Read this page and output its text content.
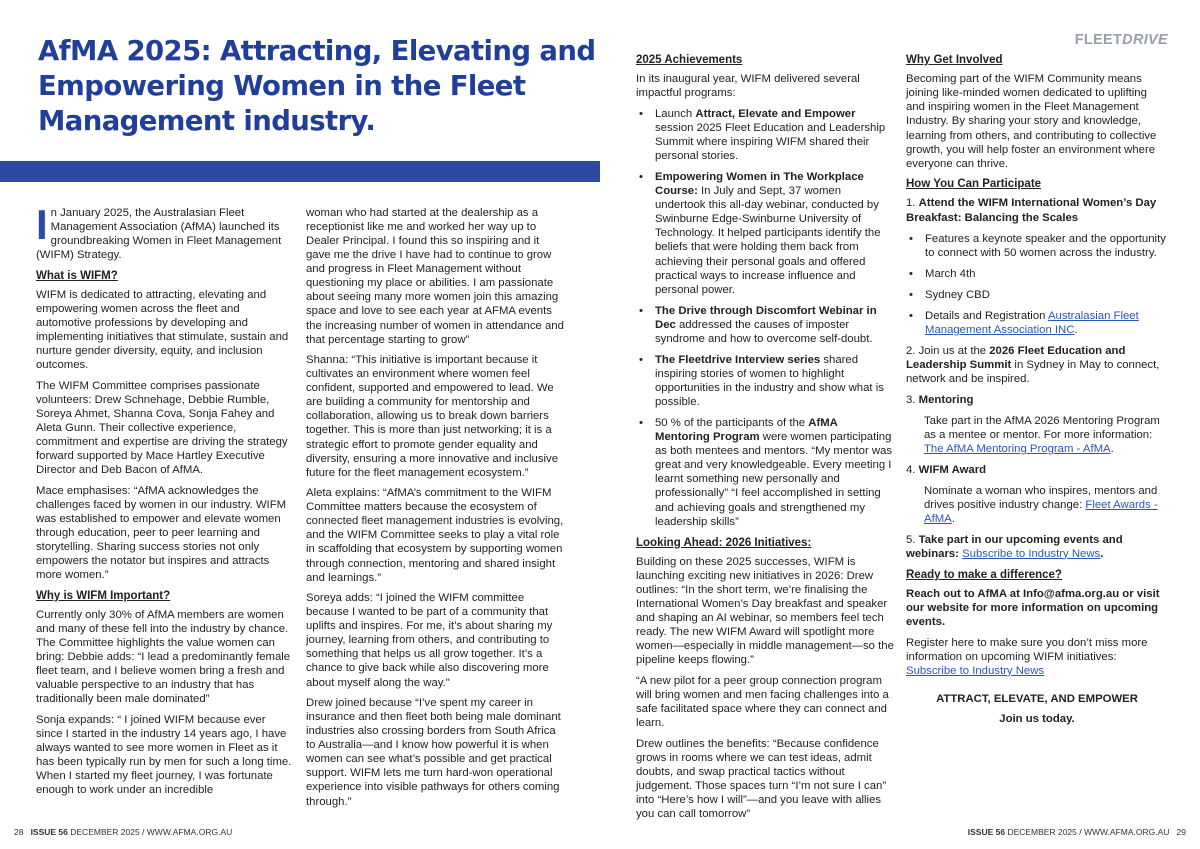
FLEETDRIVE
AfMA 2025: Attracting, Elevating and Empowering Women in the Fleet Management industry.

In January 2025, the Australasian Fleet Management Association (AfMA) launched its groundbreaking Women in Fleet Management (WIFM) Strategy.

What is WIFM?

WIFM is dedicated to attracting, elevating and empowering women across the fleet and automotive professions by developing and implementing initiatives that stimulate, sustain and nurture gender diversity, equity, and inclusion outcomes.

The WIFM Committee comprises passionate volunteers: Drew Schnehage, Debbie Rumble, Soreya Ahmet, Shanna Cova, Sonja Fahey and Aleta Gunn. Their collective experience, commitment and expertise are driving the strategy forward supported by Mace Hartley Executive Director and Deb Bacon of AfMA.

Mace emphasises: “AfMA acknowledges the challenges faced by women in our industry. WIFM was established to empower and elevate women through education, peer to peer learning and storytelling. Sharing success stories not only empowers the notator but inspires and attracts more women.”

Why is WIFM Important?

Currently only 30% of AfMA members are women and many of these fell into the industry by chance. The Committee highlights the value women can bring: Debbie adds: “I lead a predominantly female fleet team, and I believe women bring a fresh and valuable perspective to an industry that has traditionally been male dominated”

Sonja expands: “ I joined WIFM because ever since I started in the industry 14 years ago, I have always wanted to see more women in Fleet as it has been typically run by men for such a long time. When I started my fleet journey, I was fortunate enough to work under an incredible

woman who had started at the dealership as a receptionist like me and worked her way up to Dealer Principal. I found this so inspiring and it gave me the drive I have had to continue to grow and progress in Fleet Management without questioning my place or abilities. I am passionate about seeing many more women join this amazing space and love to see each year at AFMA events the increasing number of women in attendance and that percentage starting to grow”

Shanna: “This initiative is important because it cultivates an environment where women feel confident, supported and empowered to lead. We are building a community for mentorship and collaboration, allowing us to break down barriers together. This is more than just networking; it is a strategic effort to promote gender equality and diversity, ensuring a more innovative and inclusive future for the fleet management ecosystem.”

Aleta explains: “AfMA’s commitment to the WIFM Committee matters because the ecosystem of connected fleet management industries is evolving, and the WIFM Committee seeks to play a vital role in scaffolding that ecosystem by supporting women through connection, mentoring and shared insight and learnings.”

Soreya adds: “I joined the WIFM committee because I wanted to be part of a community that uplifts and inspires. For me, it’s about sharing my journey, learning from others, and contributing to something that helps us all grow together. It’s a chance to give back while also discovering more about myself along the way."

Drew joined because “I’ve spent my career in insurance and then fleet both being male dominant industries also crossing borders from South Africa to Australia—and I know how powerful it is when women can see what’s possible and get practical support. WIFM lets me turn hard-won operational experience into visible pathways for others coming through.”

2025 Achievements

In its inaugural year, WIFM delivered several impactful programs:

• Launch Attract, Elevate and Empower session 2025 Fleet Education and Leadership Summit where inspiring WIFM shared their personal stories.
• Empowering Women in The Workplace Course: In July and Sept, 37 women undertook this all-day webinar, conducted by Swinburne Edge-Swinburne University of Technology. It helped participants identify the beliefs that were holding them back from achieving their personal goals and offered practical ways to increase influence and personal power.
• The Drive through Discomfort Webinar in Dec addressed the causes of imposter syndrome and how to overcome self-doubt.
• The Fleetdrive Interview series shared inspiring stories of women to highlight opportunities in the industry and show what is possible.
• 50 % of the participants of the AfMA Mentoring Program were women participating as both mentees and mentors. “My mentor was great and very knowledgeable. Every meeting I learnt something new personally and professionally” “I feel accomplished in setting and achieving goals and strengthened my leadership skills”
Looking Ahead: 2026 Initiatives:

Building on these 2025 successes, WIFM is launching exciting new initiatives in 2026: Drew outlines: “In the short term, we’re finalising the International Women’s Day breakfast and speaker and shaping an AI webinar, so members feel tech ready. The new WIFM Award will spotlight more women—especially in middle management—so the pipeline keeps flowing.”

“A new pilot for a peer group connection program will bring women and men facing challenges into a safe facilitated space where they can connect and learn.

Drew outlines the benefits: “Because confidence grows in rooms where we can test ideas, admit doubts, and swap practical tactics without judgement. Those spaces turn “I’m not sure I can” into “Here’s how I will”—and you leave with allies you can call tomorrow”

Why Get Involved

Becoming part of the WIFM Community means joining like-minded women dedicated to uplifting and inspiring women in the Fleet Management Industry. By sharing your story and knowledge, learning from others, and contributing to collective growth, you will help foster an environment where everyone can thrive.

How You Can Participate
1. Attend the WIFM International Women’s Day Breakfast: Balancing the Scales
• Features a keynote speaker and the opportunity to connect with 50 women across the industry.
• March 4th
• Sydney CBD
• Details and Registration Australasian Fleet Management Association INC.
2. Join us at the 2026 Fleet Education and Leadership Summit in Sydney in May to connect, network and be inspired.
3. Mentoring

Take part in the AfMA 2026 Mentoring Program as a mentee or mentor. For more information: The AfMA Mentoring Program - AfMA.

4. WIFM Award

Nominate a woman who inspires, mentors and drives positive industry change: Fleet Awards - AfMA.

5. Take part in our upcoming events and webinars: Subscribe to Industry News.
Ready to make a difference?

Reach out to AfMA at Info@afma.org.au or visit our website for more information on upcoming events.

Register here to make sure you don’t miss more information on upcoming WIFM initiatives: Subscribe to Industry News

ATTRACT, ELEVATE, AND EMPOWER

Join us today.

28 ISSUE 56 DECEMBER 2025 / WWW.AFMA.ORG.AU	ISSUE 56 DECEMBER 2025 / WWW.AFMA.ORG.AU 29
